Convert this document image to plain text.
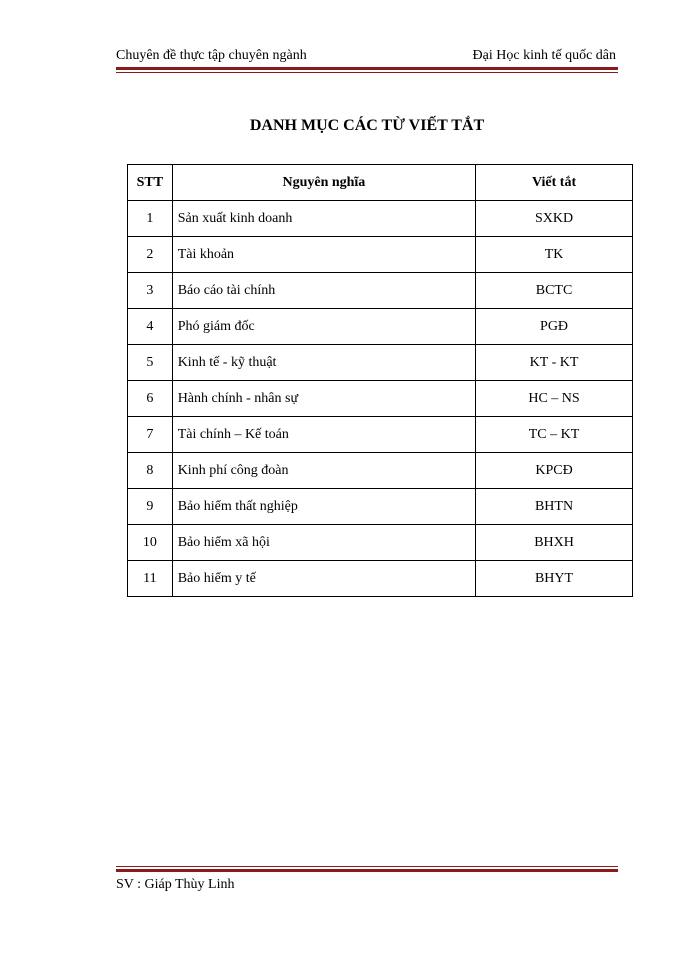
Chuyên đề thực tập chuyên ngành	Đại Học kinh tế quốc dân
DANH MỤC CÁC TỪ VIẾT TẮT
STT	Nguyên nghĩa	Viết tắt
1	Sản xuất kinh doanh	SXKD
2	Tài khoản	TK
3	Báo cáo tài chính	BCTC
4	Phó giám đốc	PGĐ
5	Kinh tế - kỹ thuật	KT - KT
6	Hành chính - nhân sự	HC – NS
7	Tài chính – Kế toán	TC – KT
8	Kinh phí công đoàn	KPCĐ
9	Bảo hiểm thất nghiệp	BHTN
10	Bảo hiểm xã hội	BHXH
11	Bảo hiểm y tế	BHYT
SV : Giáp Thùy Linh
